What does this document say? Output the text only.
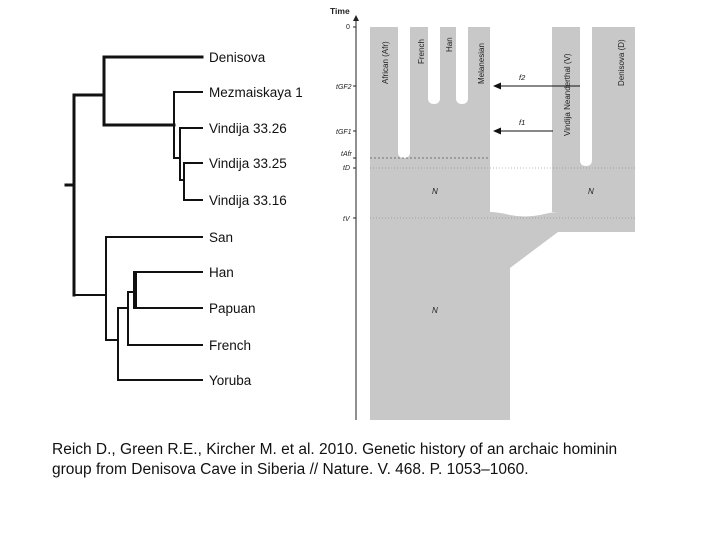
Denisova
Mezmaiskaya 1
Vindija 33.26
Vindija 33.25
Vindija 33.16
San
Han
Papuan
French
Yoruba
Time
0
tGF2
tGF1
tAfr
tD
tV
f2
f1
African (Afr)	French Han	Melanesian	Vindija Neanderthal (V)	Denisova (D)
N	N
N
Reich D., Green R.E., Kircher M. et al. 2010. Genetic history of an archaic hominin
group from Denisova Cave in Siberia // Nature. V. 468. P. 1053–1060.
